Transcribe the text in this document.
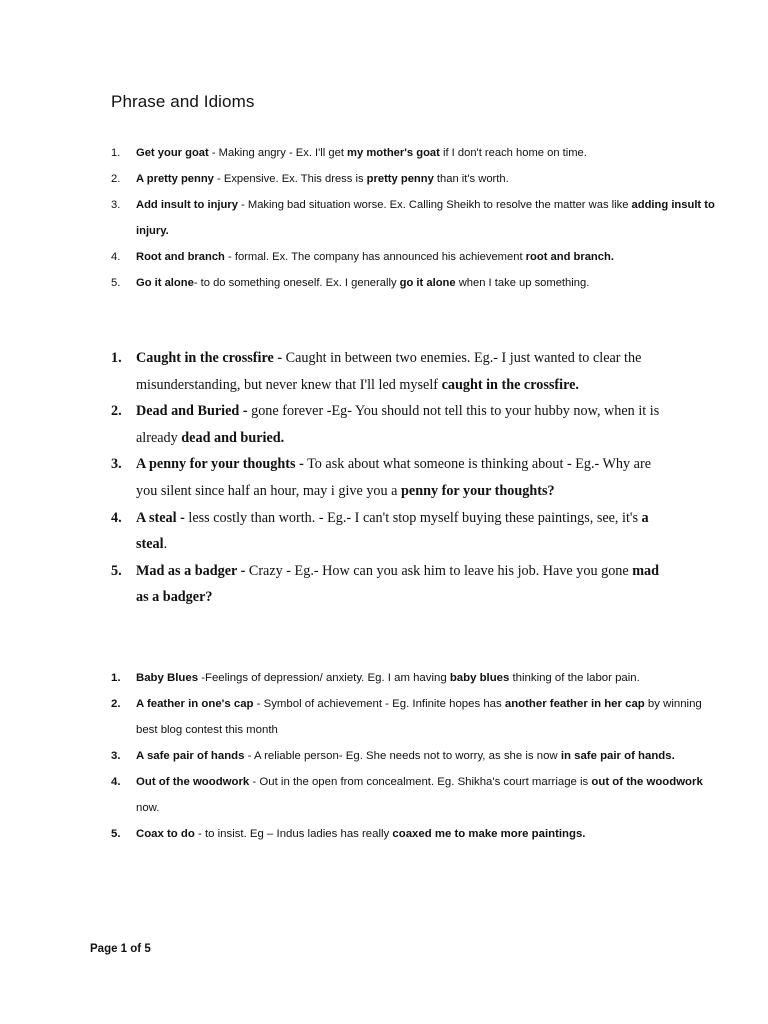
Phrase and Idioms
1.	Get your goat - Making angry - Ex. I'll get my mother's goat if I don't reach home on time.
2.	A pretty penny - Expensive. Ex. This dress is pretty penny than it's worth.
3.	Add insult to injury - Making bad situation worse. Ex. Calling Sheikh to resolve the matter was like adding insult to injury.
4.	Root and branch - formal. Ex. The company has announced his achievement root and branch.
5.	Go it alone- to do something oneself. Ex. I generally go it alone when I take up something.
1. Caught in the crossfire - Caught in between two enemies. Eg.- I just wanted to clear the misunderstanding, but never knew that I'll led myself caught in the crossfire.
2. Dead and Buried - gone forever -Eg- You should not tell this to your hubby now, when it is already dead and buried.
3. A penny for your thoughts - To ask about what someone is thinking about - Eg.- Why are you silent since half an hour, may i give you a penny for your thoughts?
4. A steal - less costly than worth. - Eg.- I can't stop myself buying these paintings, see, it's a steal.
5. Mad as a badger - Crazy - Eg.- How can you ask him to leave his job. Have you gone mad as a badger?
1. Baby Blues -Feelings of depression/ anxiety. Eg. I am having baby blues thinking of the labor pain.
2. A feather in one's cap - Symbol of achievement - Eg. Infinite hopes has another feather in her cap by winning best blog contest this month
3. A safe pair of hands - A reliable person- Eg. She needs not to worry, as she is now in safe pair of hands.
4. Out of the woodwork - Out in the open from concealment. Eg. Shikha's court marriage is out of the woodwork now.
5. Coax to do - to insist. Eg – Indus ladies has really coaxed me to make more paintings.
Page 1 of 5
